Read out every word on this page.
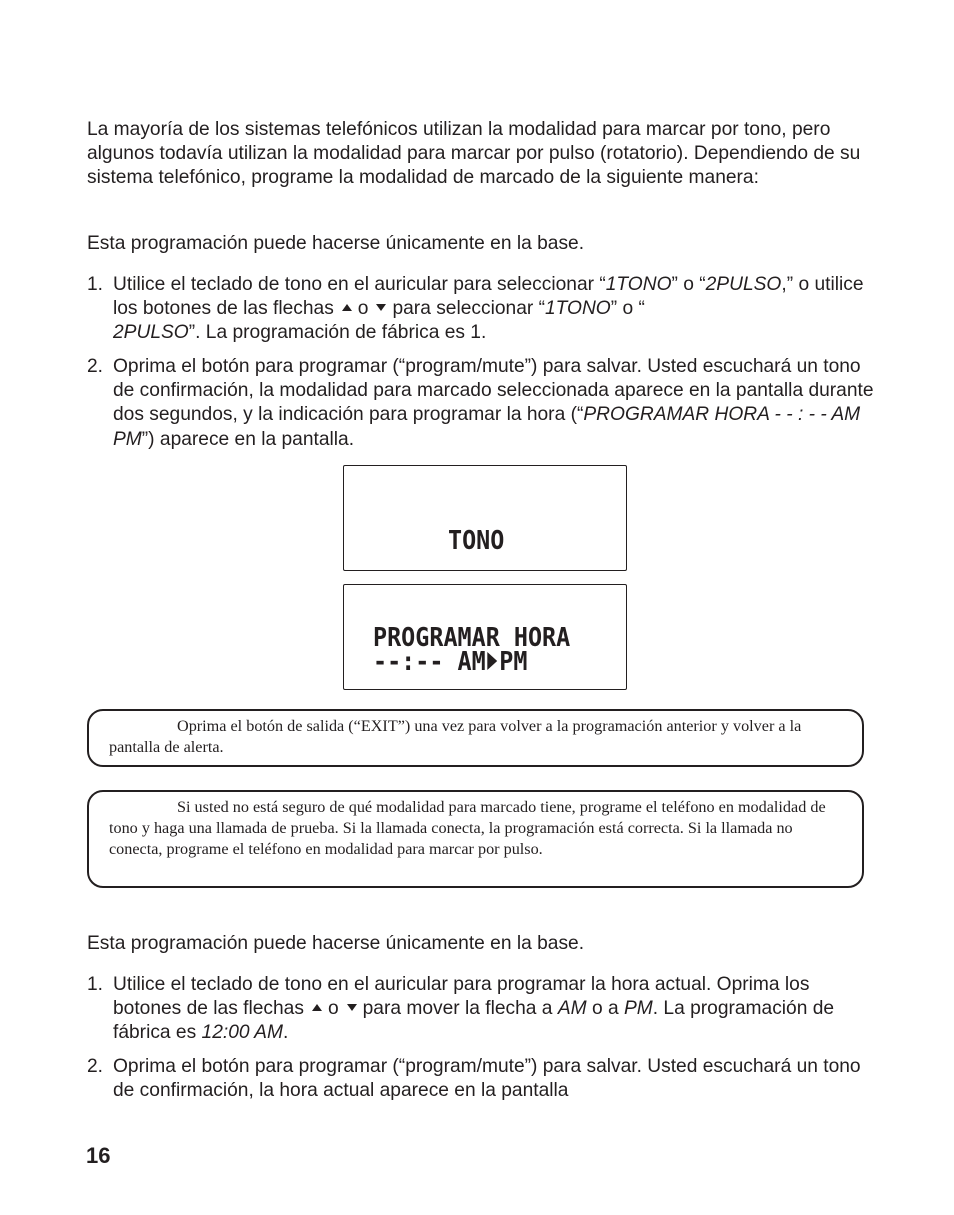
La mayoría de los sistemas telefónicos utilizan la modalidad para marcar por tono, pero algunos todavía utilizan la modalidad para marcar por pulso (rotatorio). Dependiendo de su sistema telefónico, programe la modalidad de marcado de la siguiente manera:

Esta programación puede hacerse únicamente en la base.

1. Utilice el teclado de tono en el auricular para seleccionar “1TONO” o “2PULSO,” o utilice los botones de las flechas o para seleccionar “1TONO” o “
2PULSO”. La programación de fábrica es 1.
2. Oprima el botón para programar (“program/mute”) para salvar. Usted escuchará un tono de confirmación, la modalidad para marcado seleccionada aparece en la pantalla durante dos segundos, y la indicación para programar la hora (“PROGRAMAR HORA - - : - - AM PM”) aparece en la pantalla.
TONO
PROGRAMAR HORA
--:-- AM PM
Oprima el botón de salida (“EXIT”) una vez para volver a la programación anterior y volver a la pantalla de alerta.
Si usted no está seguro de qué modalidad para marcado tiene, programe el teléfono en modalidad de tono y haga una llamada de prueba. Si la llamada conecta, la programación está correcta. Si la llamada no conecta, programe el teléfono en modalidad para marcar por pulso.

Esta programación puede hacerse únicamente en la base.

1. Utilice el teclado de tono en el auricular para programar la hora actual. Oprima los botones de las flechas o para mover la flecha a AM o a PM. La programación de fábrica es 12:00 AM.
2. Oprima el botón para programar (“program/mute”) para salvar. Usted escuchará un tono de confirmación, la hora actual aparece en la pantalla
16
